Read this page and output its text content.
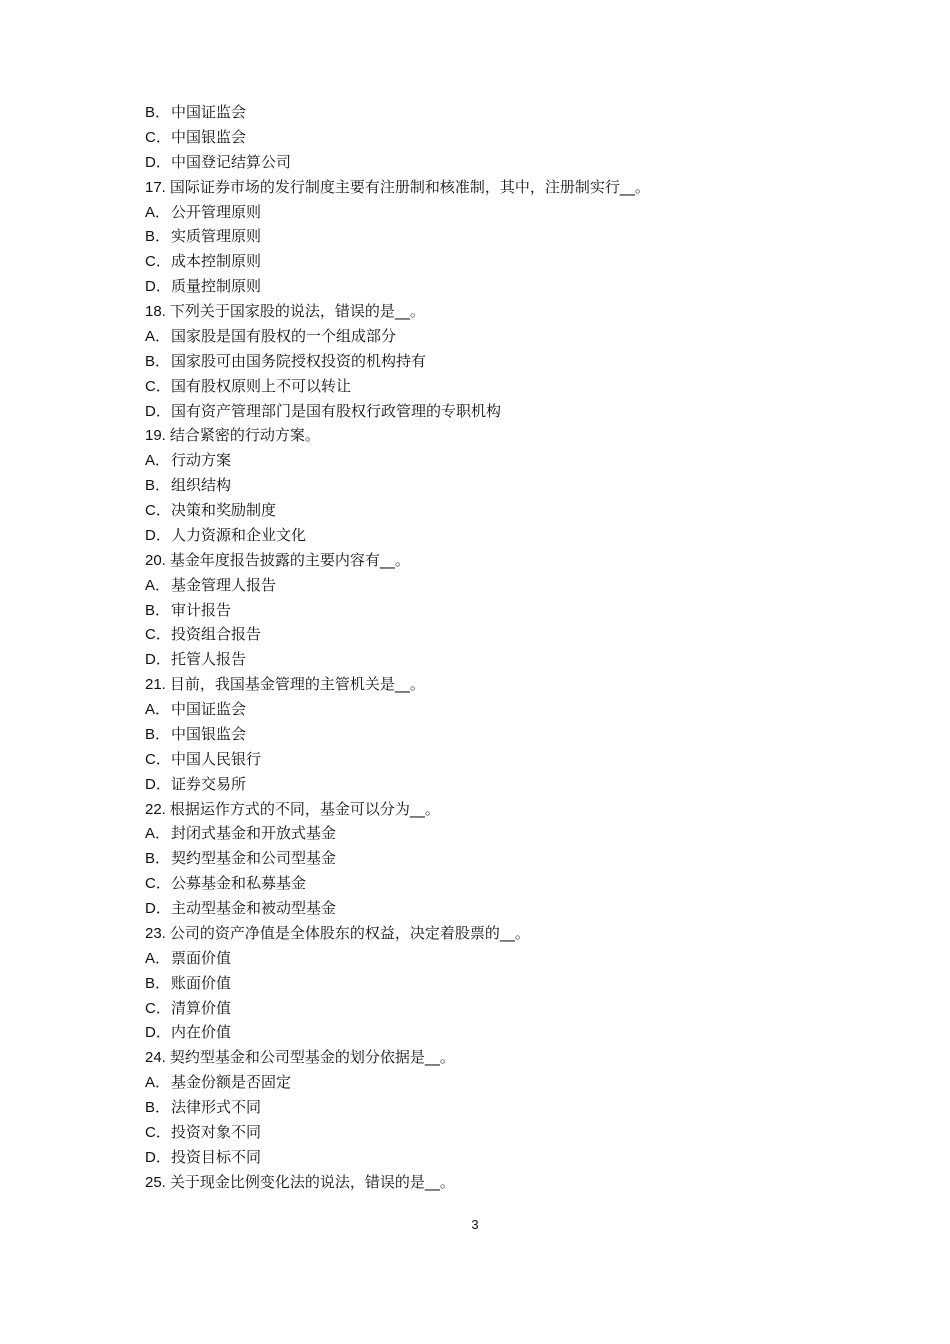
B．中国证监会
C．中国银监会
D．中国登记结算公司
17. 国际证券市场的发行制度主要有注册制和核准制，其中，注册制实行__。
A．公开管理原则
B．实质管理原则
C．成本控制原则
D．质量控制原则
18. 下列关于国家股的说法，错误的是__。
A．国家股是国有股权的一个组成部分
B．国家股可由国务院授权投资的机构持有
C．国有股权原则上不可以转让
D．国有资产管理部门是国有股权行政管理的专职机构
19. 结合紧密的行动方案。
A．行动方案
B．组织结构
C．决策和奖励制度
D．人力资源和企业文化
20. 基金年度报告披露的主要内容有__。
A．基金管理人报告
B．审计报告
C．投资组合报告
D．托管人报告
21. 目前，我国基金管理的主管机关是__。
A．中国证监会
B．中国银监会
C．中国人民银行
D．证券交易所
22. 根据运作方式的不同，基金可以分为__。
A．封闭式基金和开放式基金
B．契约型基金和公司型基金
C．公募基金和私募基金
D．主动型基金和被动型基金
23. 公司的资产净值是全体股东的权益，决定着股票的__。
A．票面价值
B．账面价值
C．清算价值
D．内在价值
24. 契约型基金和公司型基金的划分依据是__。
A．基金份额是否固定
B．法律形式不同
C．投资对象不同
D．投资目标不同
25. 关于现金比例变化法的说法，错误的是__。
3
